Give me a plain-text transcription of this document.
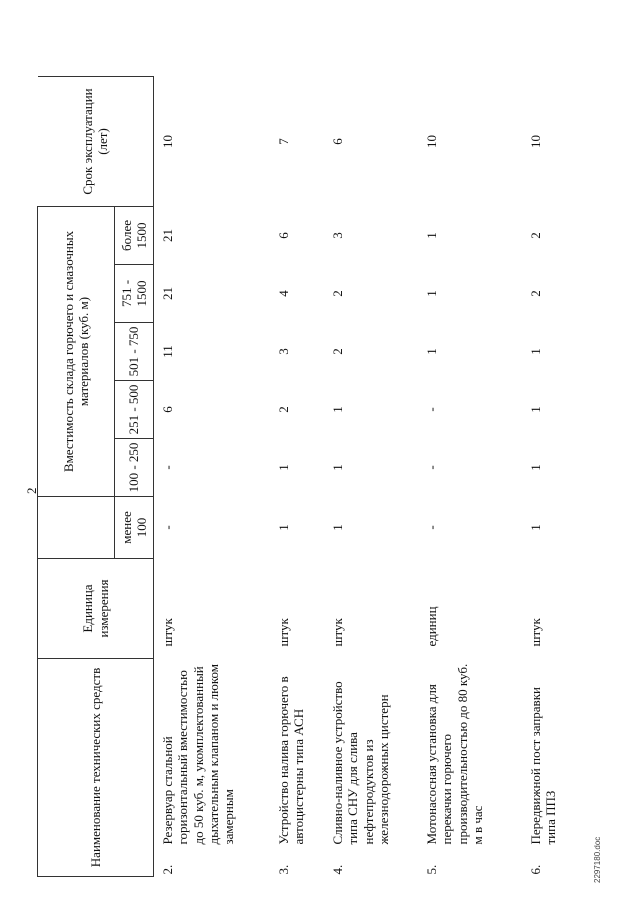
2
Наименование технических средств		Единица измерения		Вместимость склада горючего и смазочных материалов (куб. м)					Срок эксплуатации (лет)

			менее 100	100 - 250	251 - 500	501 - 750	751 - 1500	более 1500	
2.	Резервуар стальной горизонтальный вместимостью до 50 куб. м, укомплектованный дыхательным клапаном и люком замерным	штук	-	-	6	11	21	21	10
3.	Устройство налива горючего в автоцистерны типа АСН	штук	1	1	2	3	4	6	7
4.	Сливно-наливное устройство типа СНУ для слива нефтепродуктов из железнодорожных цистерн	штук	1	1	1	2	2	3	6
5.	Мотонасосная установка для перекачки горючего производительностью до 80 куб. м в час	единиц	-	-	-	1	1	1	10
6.	Передвижной пост заправки типа ППЗ	штук	1	1	1	1	2	2	10
2297180.doc
